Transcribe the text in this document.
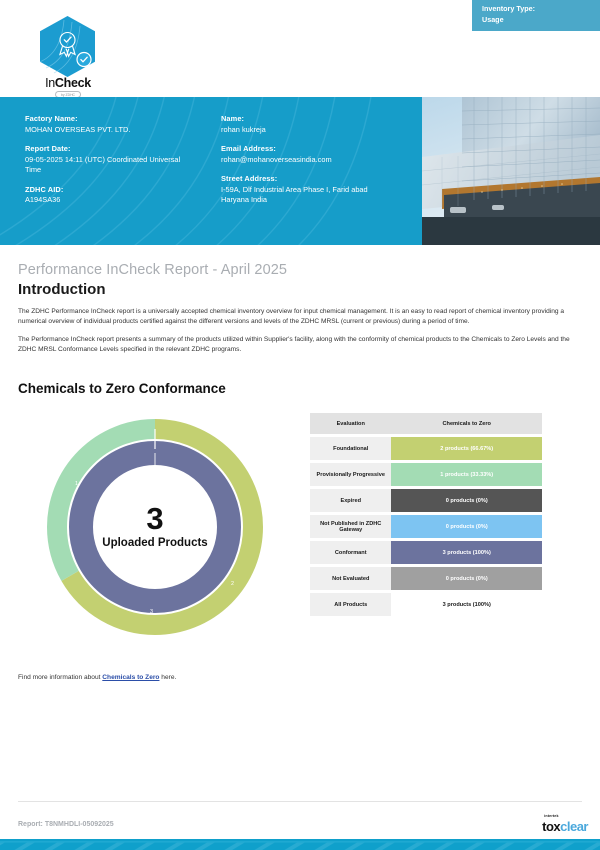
Inventory Type:
Usage
InCheck
by ZDHC
Factory Name:
MOHAN OVERSEAS PVT. LTD.
Report Date:
09-05-2025 14:11 (UTC) Coordinated Universal Time
ZDHC AID:
A194SA36
Name:
rohan kukreja
Email Address:
rohan@mohanoverseasindia.com
Street Address:
I-59A, Dlf Industrial Area Phase I, Farid abad Haryana India
Performance InCheck Report - April 2025
Introduction
The ZDHC Performance InCheck report is a universally accepted chemical inventory overview for input chemical management. It is an easy to read report of chemical inventory providing a numerical overview of individual products certified against the different versions and levels of the ZDHC MRSL (current or previous) during a period of time.
The Performance InCheck report presents a summary of the products utilized within Supplier's facility, along with the conformity of chemical products to the Chemicals to Zero Levels and the ZDHC MRSL Conformance Levels specified in the relevant ZDHC programs.
Chemicals to Zero Conformance
3
Uploaded Products
1
2
3
Evaluation	Chemicals to Zero
Foundational	2 products (66.67%)
Provisionally Progressive	1 products (33.33%)
Expired	0 products (0%)
Not Published in ZDHC Gateway	0 products (0%)
Conformant	3 products (100%)
Not Evaluated	0 products (0%)
All Products	3 products (100%)
Find more information about Chemicals to Zero here.
Report: T8NMHDLI-05092025
intertek
toxclear
